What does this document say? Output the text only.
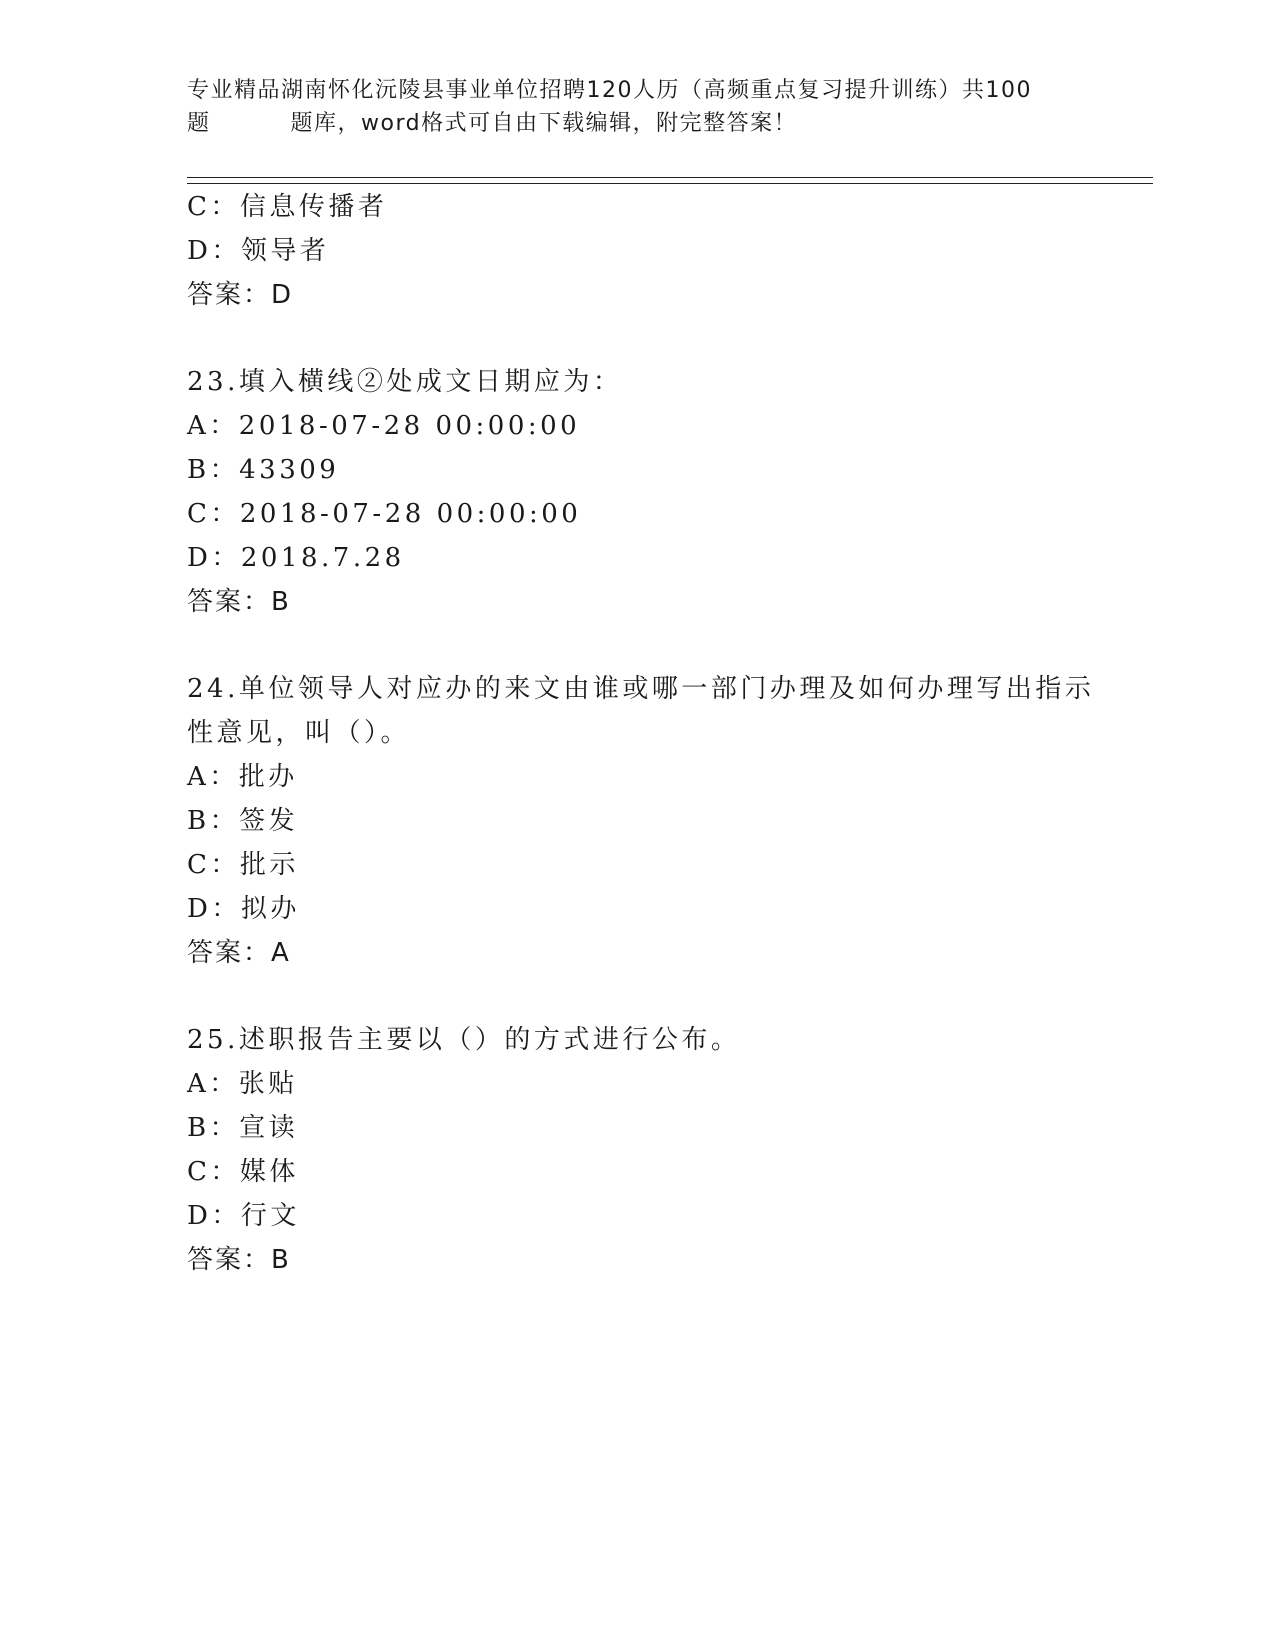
专业精品湖南怀化沅陵县事业单位招聘120人历（高频重点复习提升训练）共100
题	题库，word格式可自由下载编辑，附完整答案！
C：信息传播者
D：领导者
答案：D
23.填入横线②处成文日期应为：
A：2018-07-28 00:00:00
B：43309
C：2018-07-28 00:00:00
D：2018.7.28
答案：B
24.单位领导人对应办的来文由谁或哪一部门办理及如何办理写出指示
性意见，叫（）。
A：批办
B：签发
C：批示
D：拟办
答案：A
25.述职报告主要以（）的方式进行公布。
A：张贴
B：宣读
C：媒体
D：行文
答案：B
